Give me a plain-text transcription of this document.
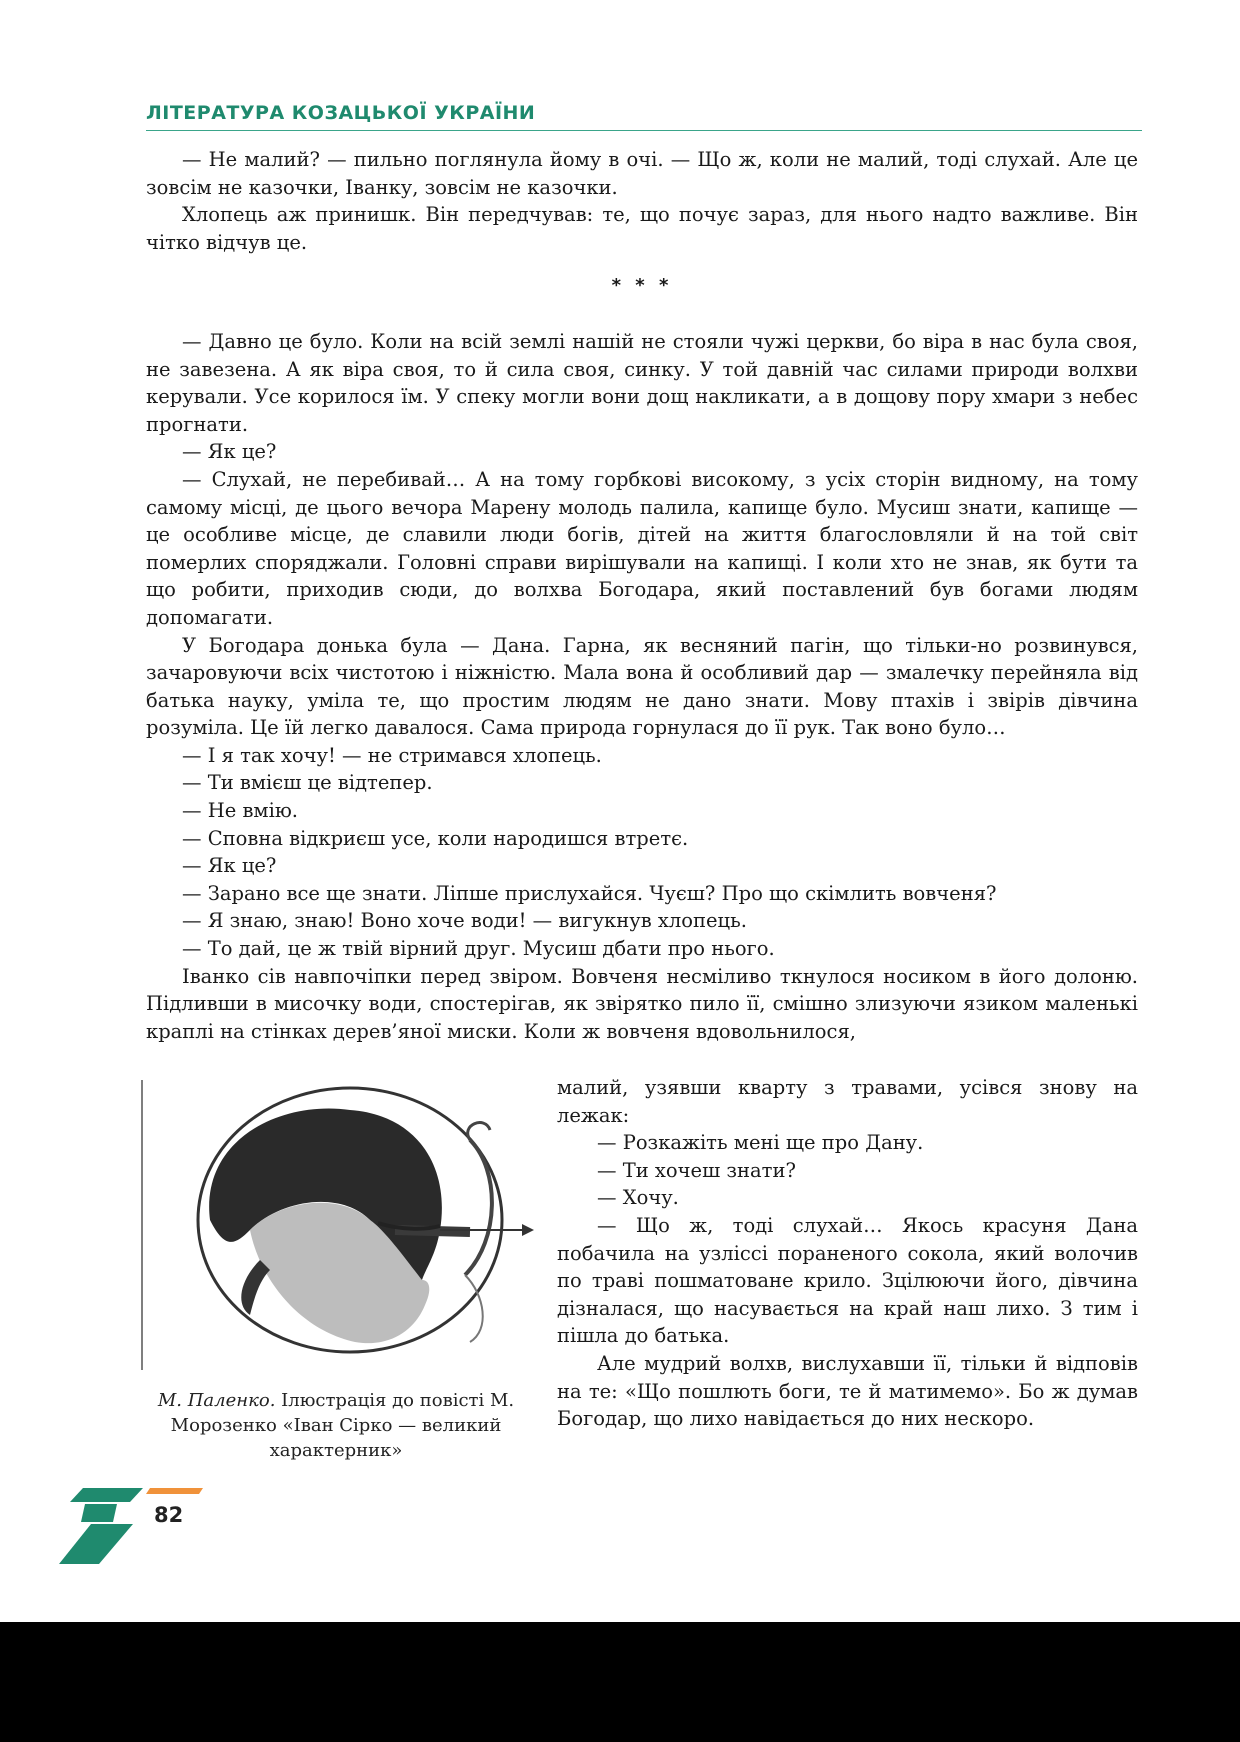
ЛІТЕРАТУРА КОЗАЦЬКОЇ УКРАЇНИ

— Не малий? — пильно поглянула йому в очі. — Що ж, коли не малий, тоді слухай. Але це зовсім не казочки, Іванку, зовсім не казочки.

Хлопець аж принишк. Він передчував: те, що почує зараз, для нього надто важливе. Він чітко відчув це.

* * *

— Давно це було. Коли на всій землі нашій не стояли чужі церкви, бо віра в нас була своя, не завезена. А як віра своя, то й сила своя, синку. У той давній час силами природи волхви керували. Усе корилося їм. У спеку могли вони дощ накликати, а в дощову пору хмари з небес прогнати.

— Як це?

— Слухай, не перебивай… А на тому горбкові високому, з усіх сторін видному, на тому самому місці, де цього вечора Марену молодь палила, капище було. Мусиш знати, капище — це особливе місце, де славили люди богів, дітей на життя благословляли й на той світ померлих споряджали. Головні справи вирішували на капищі. І коли хто не знав, як бути та що робити, приходив сюди, до волхва Богодара, який поставлений був богами людям допомагати.

У Богодара донька була — Дана. Гарна, як весняний пагін, що тільки-но розвинувся, зачаровуючи всіх чистотою і ніжністю. Мала вона й особливий дар — змалечку перейняла від батька науку, уміла те, що простим людям не дано знати. Мову птахів і звірів дівчина розуміла. Це їй легко давалося. Сама природа горнулася до її рук. Так воно було…

— І я так хочу! — не стримався хлопець.

— Ти вмієш це відтепер.

— Не вмію.

— Сповна відкриєш усе, коли народишся втретє.

— Як це?

— Зарано все ще знати. Ліпше прислухайся. Чуєш? Про що скімлить вовченя?

— Я знаю, знаю! Воно хоче води! — вигукнув хлопець.

— То дай, це ж твій вірний друг. Мусиш дбати про нього.

Іванко сів навпочіпки перед звіром. Вовченя несміливо ткнулося носиком в його долоню. Підливши в мисочку води, спостерігав, як звірятко пило її, смішно злизуючи язиком маленькі краплі на стінках дерев’яної миски. Коли ж вовченя вдовольнилося,

М. Паленко. Ілюстрація до повісті М. Морозенко «Іван Сірко — великий характерник»

малий, узявши кварту з травами, усівся знову на лежак:

— Розкажіть мені ще про Дану.

— Ти хочеш знати?

— Хочу.

— Що ж, тоді слухай… Якось красуня Дана побачила на узліссі пораненого сокола, який волочив по траві пошматоване крило. Зцілюючи його, дівчина дізналася, що насувається на край наш лихо. З тим і пішла до батька.

Але мудрий волхв, вислухавши її, тільки й відповів на те: «Що пошлють боги, те й матимемо». Бо ж думав Богодар, що лихо навідається до них нескоро.

82
